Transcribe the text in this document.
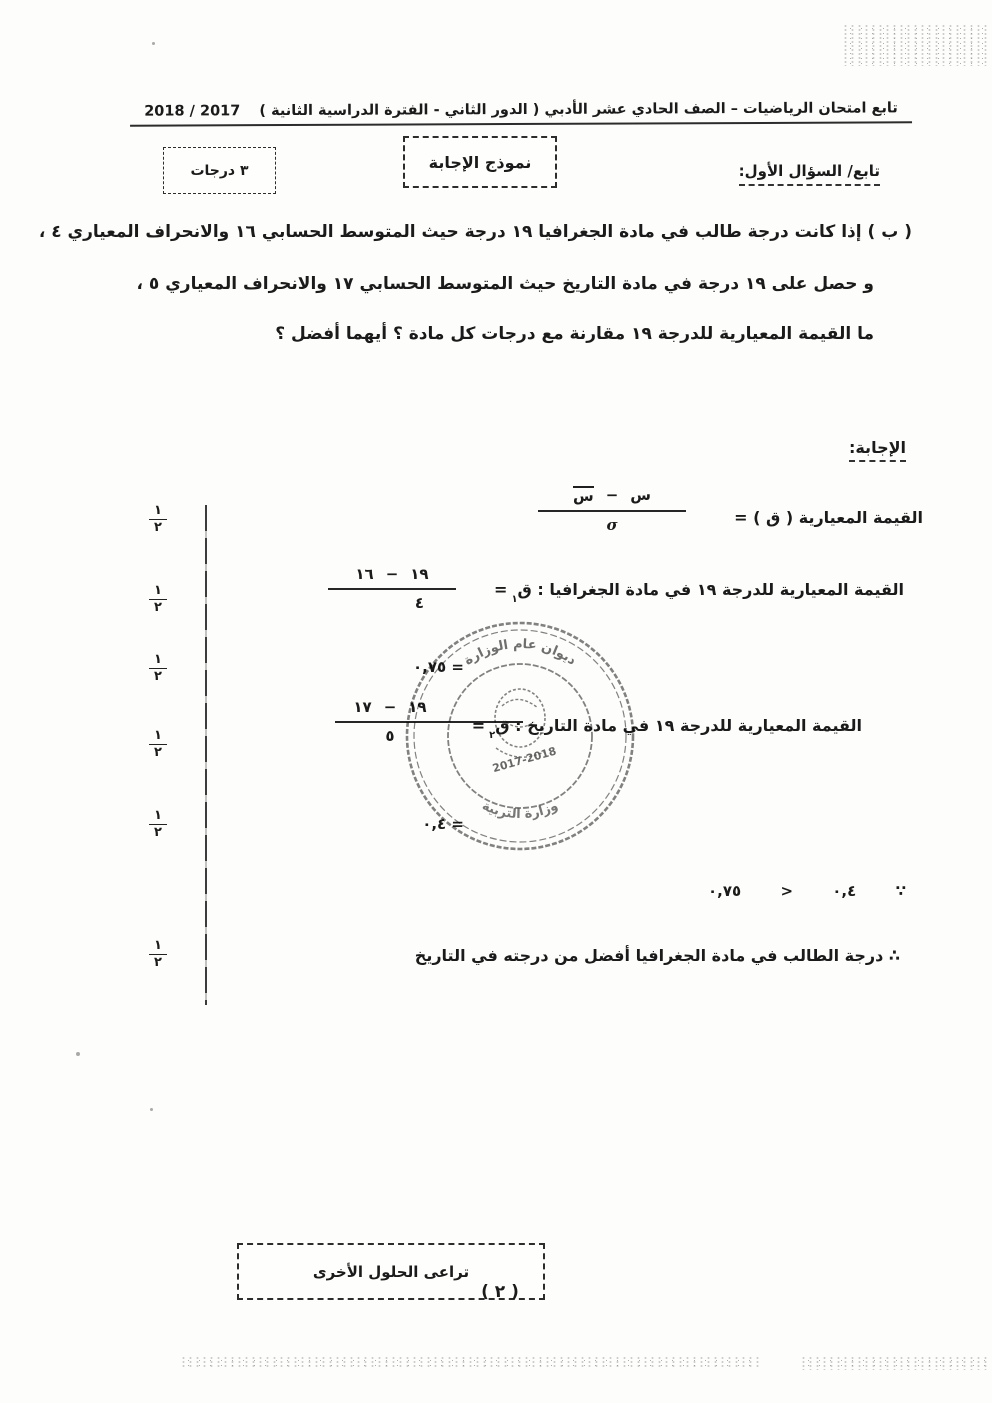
تابع امتحان الرياضيات – الصف الحادي عشر الأدبي ( الدور الثاني - الفترة الدراسية الثانية ) 2017 / 2018
تابع/ السؤال الأول:
نموذج الإجابة
٣ درجات
( ب ) إذا كانت درجة طالب في مادة الجغرافيا ١٩ درجة حيث المتوسط الحسابي ١٦ والانحراف المعياري ٤ ،
و حصل على ١٩ درجة في مادة التاريخ حيث المتوسط الحسابي ١٧ والانحراف المعياري ٥ ،
ما القيمة المعيارية للدرجة ١٩ مقارنة مع درجات كل مادة ؟ أيهما أفضل ؟
الإجابة:
١
٢
١
٢
١
٢
١
٢
١
٢
١
٢
القيمة المعيارية ( ق ) =
س − س
σ
القيمة المعيارية للدرجة ١٩ في مادة الجغرافيا : ق$_١$=
١٦ − ١٩
٤
= ٠,٧٥
القيمة المعيارية للدرجة ١٩ في مادة التاريخ : ق$_٢$=
١٧ − ١٩
٥
= ٠,٤
٠,٧٥	>	٠,٤	∵
∴ درجة الطالب في مادة الجغرافيا أفضل من درجته في التاريخ
ديوان عام الوزارة
وزارة التربية
2017-2018
تراعى الحلول الأخرى
( ٢ )
